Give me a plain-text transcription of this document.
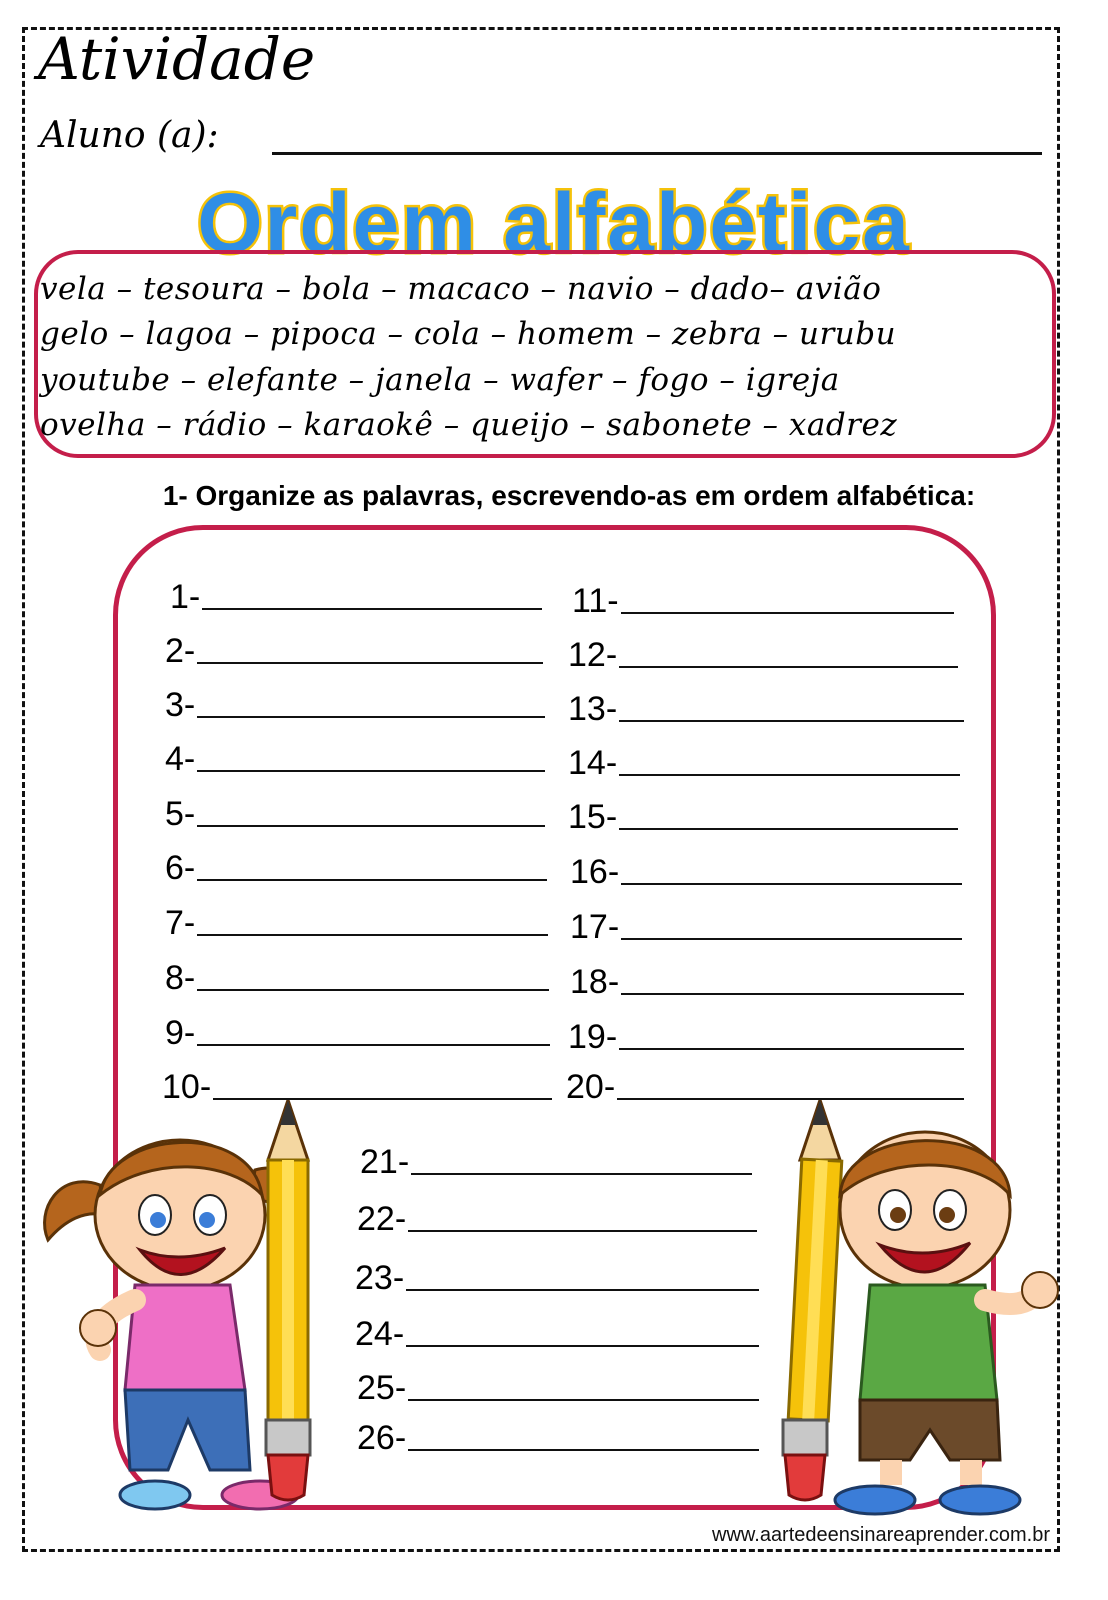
Atividade
Aluno (a):
Ordem alfabética
vela – tesoura – bola – macaco – navio – dado– avião
gelo – lagoa – pipoca – cola – homem – zebra – urubu
youtube – elefante – janela – wafer – fogo – igreja
ovelha – rádio – karaokê – queijo – sabonete – xadrez
1- Organize as palavras, escrevendo-as em ordem alfabética:
1-
2-
3-
4-
5-
6-
7-
8-
9-
10-
11-
12-
13-
14-
15-
16-
17-
18-
19-
20-
21-
22-
23-
24-
25-
26-
www.aartedeensinareaprender.com.br
